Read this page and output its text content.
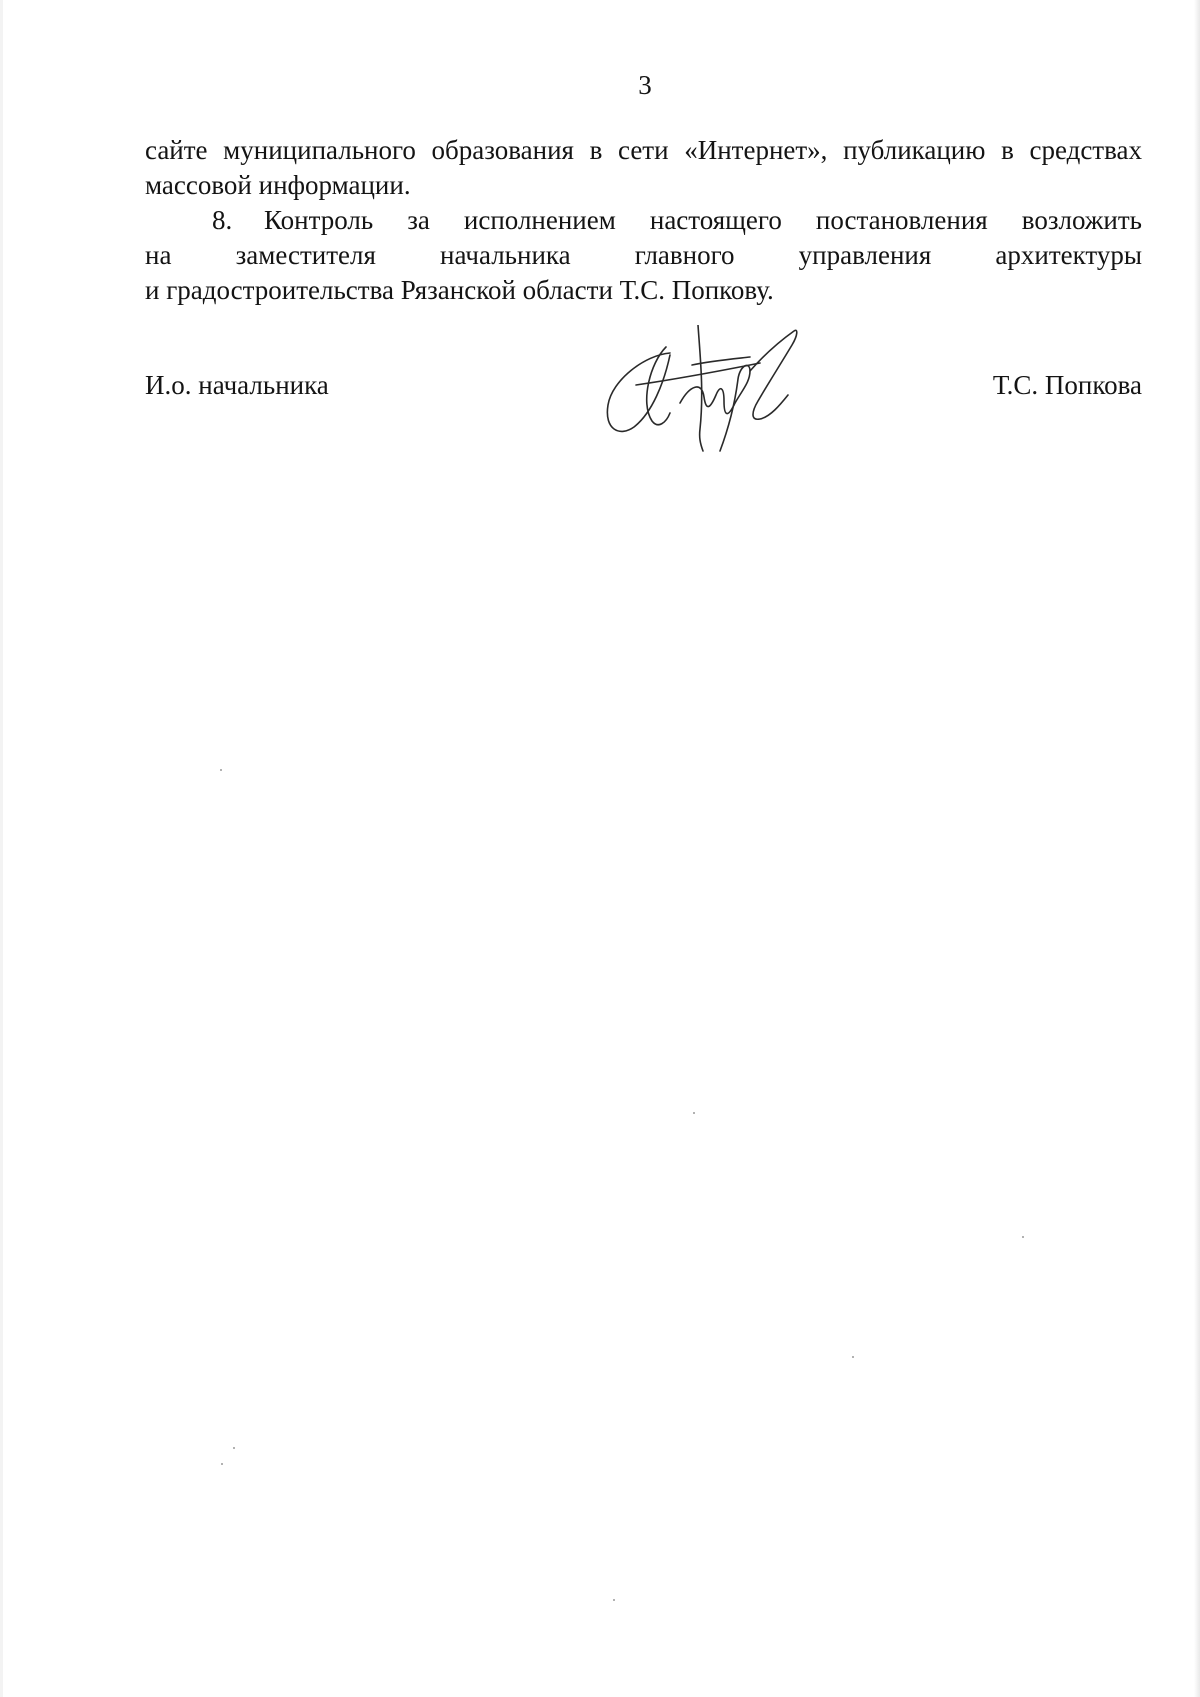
3
сайте муниципального образования в сети «Интернет», публикацию в средствах
массовой информации.
8. Контроль за исполнением настоящего постановления возложить
на заместителя начальника главного управления архитектуры
и градостроительства Рязанской области Т.С. Попкову.
И.о. начальника	Т.С. Попкова
